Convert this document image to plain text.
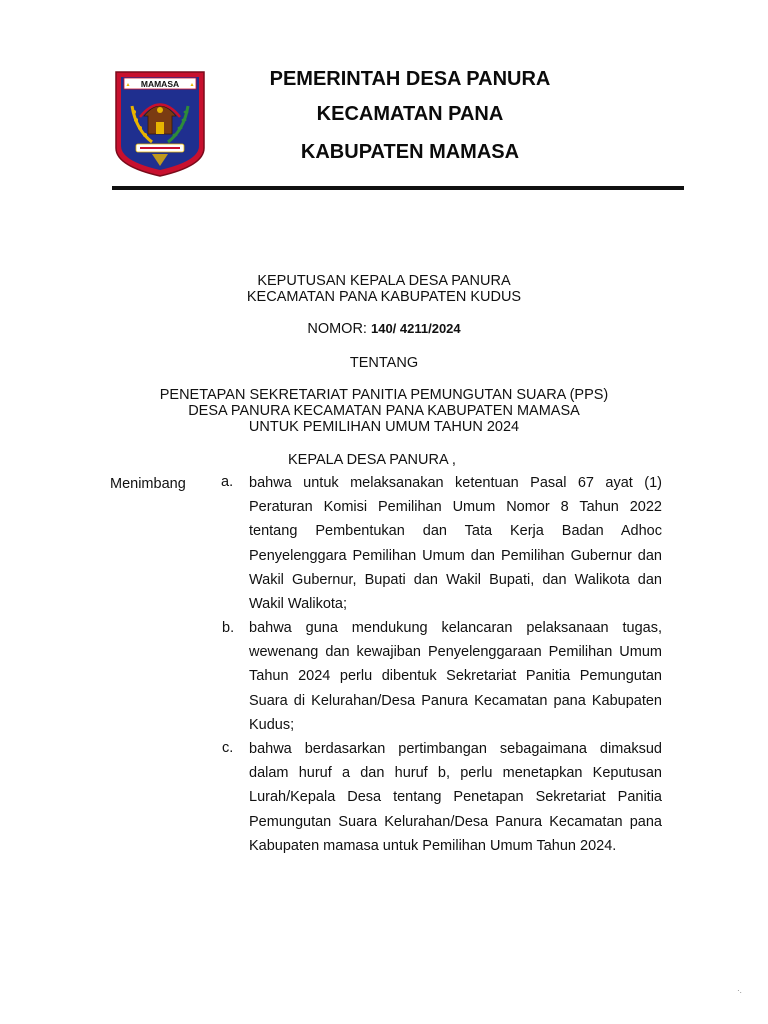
MAMASA	PEMERINTAH DESA PANURA
KECAMATAN PANA
KABUPATEN MAMASA
KEPUTUSAN KEPALA DESA PANURA
KECAMATAN PANA KABUPATEN KUDUS
NOMOR: 140/ 4211/2024
TENTANG
PENETAPAN SEKRETARIAT PANITIA PEMUNGUTAN SUARA (PPS)
DESA PANURA KECAMATAN PANA KABUPATEN MAMASA
UNTUK PEMILIHAN UMUM TAHUN 2024
KEPALA DESA PANURA ,
Menimbang a. bahwa untuk melaksanakan ketentuan Pasal 67 ayat (1)
Peraturan Komisi Pemilihan Umum Nomor 8 Tahun 2022
tentang Pembentukan dan Tata Kerja Badan Adhoc
Penyelenggara Pemilihan Umum dan Pemilihan Gubernur dan
Wakil Gubernur, Bupati dan Wakil Bupati, dan Walikota dan
Wakil Walikota;
b. bahwa guna mendukung kelancaran pelaksanaan tugas,
wewenang dan kewajiban Penyelenggaraan Pemilihan Umum
Tahun 2024 perlu dibentuk Sekretariat Panitia Pemungutan
Suara di Kelurahan/Desa Panura Kecamatan pana Kabupaten
Kudus;
c. bahwa berdasarkan pertimbangan sebagaimana dimaksud
dalam huruf a dan huruf b, perlu menetapkan Keputusan
Lurah/Kepala Desa tentang Penetapan Sekretariat Panitia
Pemungutan Suara Kelurahan/Desa Panura Kecamatan pana
Kabupaten mamasa untuk Pemilihan Umum Tahun 2024.
·.
